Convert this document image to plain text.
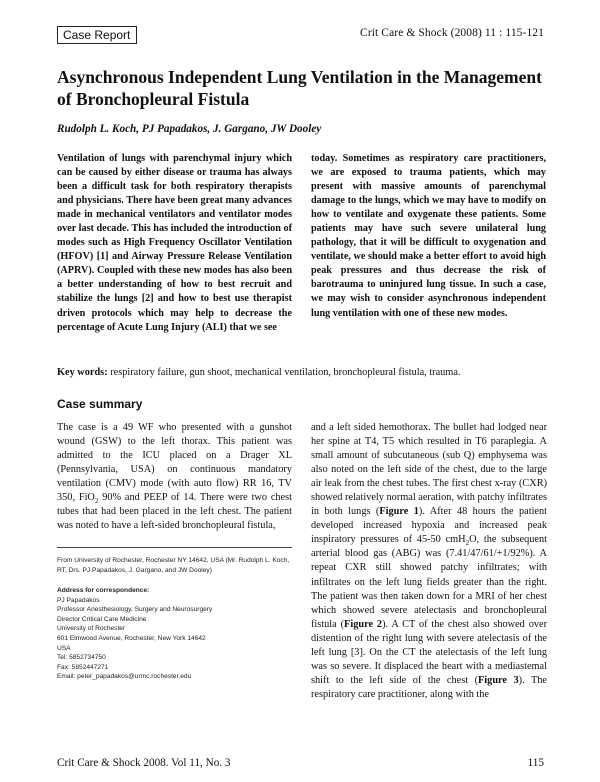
Case Report	Crit Care & Shock (2008) 11 : 115-121
Asynchronous Independent Lung Ventilation in the Management of Bronchopleural Fistula
Rudolph L. Koch, PJ Papadakos, J. Gargano, JW Dooley
Ventilation of lungs with parenchymal injury which can be caused by either disease or trauma has always been a difficult task for both respiratory therapists and physicians. There have been great many advances made in mechanical ventilators and ventilator modes over last decade. This has included the introduction of modes such as High Frequency Oscillator Ventilation (HFOV) [1] and Airway Pressure Release Ventilation (APRV). Coupled with these new modes has also been a better understanding of how to best recruit and stabilize the lungs [2] and how to best use therapist driven protocols which may help to decrease the percentage of Acute Lung Injury (ALI) that we see
today. Sometimes as respiratory care practitioners, we are exposed to trauma patients, which may present with massive amounts of parenchymal damage to the lungs, which we may have to modify on how to ventilate and oxygenate these patients. Some patients may have such severe unilateral lung pathology, that it will be difficult to oxygenation and ventilate, we should make a better effort to avoid high peak pressures and thus decrease the risk of barotrauma to uninjured lung tissue. In such a case, we may wish to consider asynchronous independent lung ventilation with one of these new modes.
Key words: respiratory failure, gun shoot, mechanical ventilation, bronchopleural fistula, trauma.
Case summary
The case is a 49 WF who presented with a gunshot wound (GSW) to the left thorax. This patient was admitted to the ICU placed on a Drager XL (Pennsylvania, USA) on continuous mandatory ventilation (CMV) mode (with auto flow) RR 16, TV 350, FiO$_2$ 90% and PEEP of 14. There were two chest tubes that had been placed in the left chest. The patient was noted to have a left-sided bronchopleural fistula,
From University of Rochester, Rochester NY 14642, USA (Mr. Rudolph L. Koch, RT, Drs. PJ Papadakos, J. Gargano, and JW Dooley)
Address for correspondence:
PJ Papadakos
Professor Anesthesiology, Surgery and Neurosurgery
Director Critical Care Medicine
University of Rochester
601 Elmwood Avenue, Rochester, New York 14642
USA
Tel: 5852734750
Fax: 5852447271
Email: peter_papadakos@urmc.rochester.edu
and a left sided hemothorax. The bullet had lodged near her spine at T4, T5 which resulted in T6 paraplegia. A small amount of subcutaneous (sub Q) emphysema was also noted on the left side of the chest, due to the large air leak from the chest tubes. The first chest x-ray (CXR) showed relatively normal aeration, with patchy infiltrates in both lungs (Figure 1). After 48 hours the patient developed increased hypoxia and increased peak inspiratory pressures of 45-50 cmH$_2$O, the subsequent arterial blood gas (ABG) was (7.41/47/61/+1/92%). A repeat CXR still showed patchy infiltrates; with infiltrates on the left lung fields greater than the right. The patient was then taken down for a MRI of her chest which showed severe atelectasis and bronchopleural fistula (Figure 2). A CT of the chest also showed over distention of the right lung with severe atelectasis of the left lung [3]. On the CT the atelectasis of the left lung was so severe. It displaced the heart with a mediastemal shift to the left side of the chest (Figure 3). The respiratory care practitioner, along with the
Crit Care & Shock 2008. Vol 11, No. 3	115
